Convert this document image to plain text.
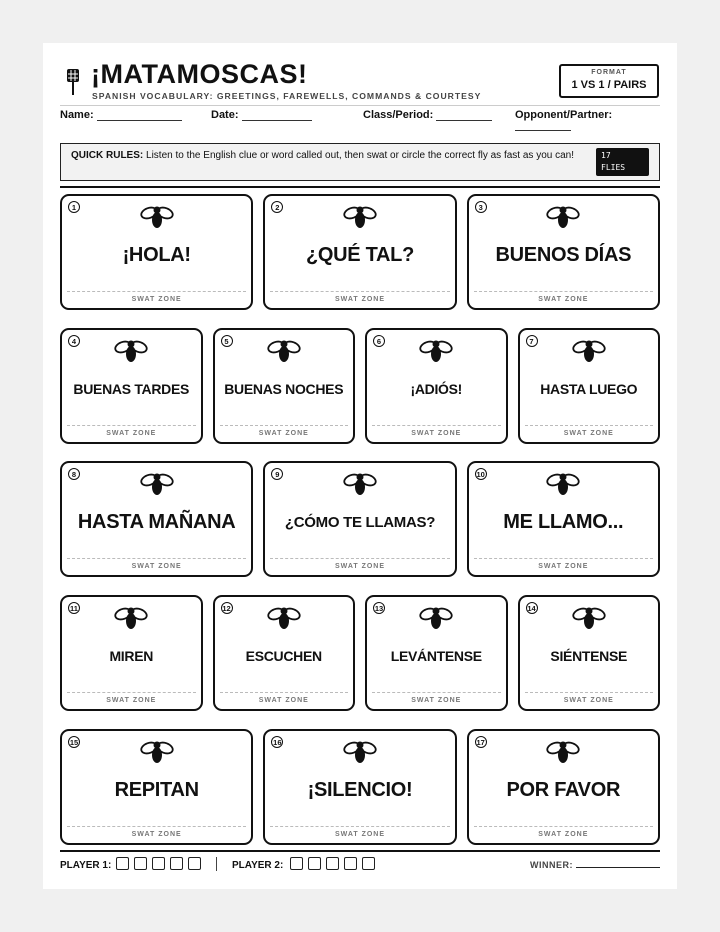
¡MATAMOSCAS!
SPANISH VOCABULARY: GREETINGS, FAREWELLS, COMMANDS & COURTESY
FORMAT
1 VS 1 / PAIRS
Name:	Date:	Class/Period:	Opponent/Partner:
QUICK RULES: Listen to the English clue or word called out, then swat or circle the correct fly as fast as you can!	17
FLIES
1
¡HOLA!
SWAT ZONE
2
¿QUÉ TAL?
SWAT ZONE
3
BUENOS DÍAS
SWAT ZONE
4
BUENAS TARDES
SWAT ZONE
5
BUENAS NOCHES
SWAT ZONE
6
¡ADIÓS!
SWAT ZONE
7
HASTA LUEGO
SWAT ZONE
8
HASTA MAÑANA
SWAT ZONE
9
¿CÓMO TE LLAMAS?
SWAT ZONE
10
ME LLAMO...
SWAT ZONE
11
MIREN
SWAT ZONE
12
ESCUCHEN
SWAT ZONE
13
LEVÁNTENSE
SWAT ZONE
14
SIÉNTENSE
SWAT ZONE
15
REPITAN
SWAT ZONE
16
¡SILENCIO!
SWAT ZONE
17
POR FAVOR
SWAT ZONE
PLAYER 1:	PLAYER 2:	WINNER:
